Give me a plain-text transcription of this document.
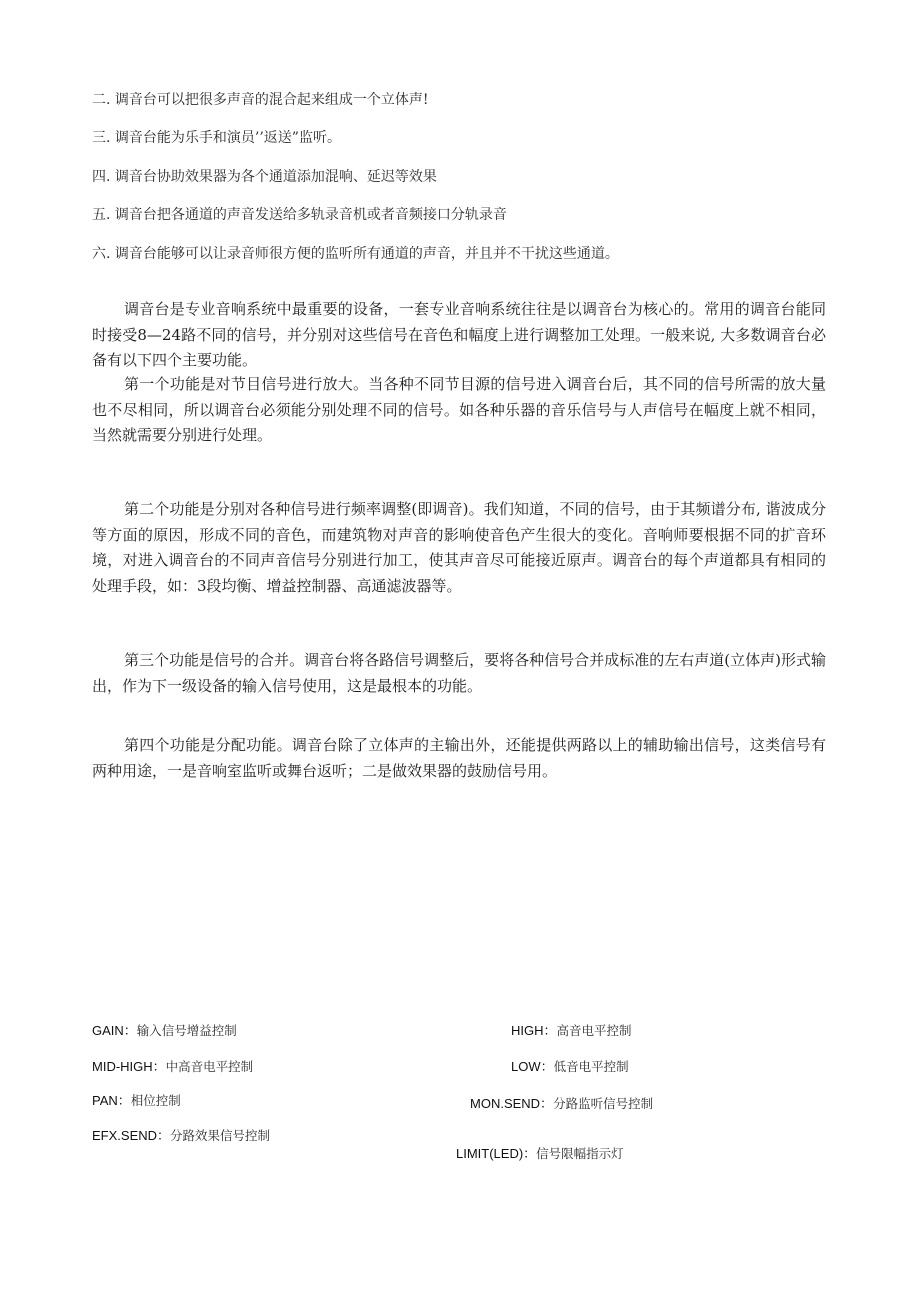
二. 调音台可以把很多声音的混合起来组成一个立体声!
三. 调音台能为乐手和演员’’返送”监听。
四. 调音台协助效果器为各个通道添加混响、延迟等效果
五. 调音台把各通道的声音发送给多轨录音机或者音频接口分轨录音
六. 调音台能够可以让录音师很方便的监听所有通道的声音，并且并不干扰这些通道。

调音台是专业音响系统中最重要的设备，一套专业音响系统往往是以调音台为核心的。常用的调音台能同时接受8—24路不同的信号，并分别对这些信号在音色和幅度上进行调整加工处理。一般来说, 大多数调音台必备有以下四个主要功能。

第一个功能是对节目信号进行放大。当各种不同节目源的信号进入调音台后，其不同的信号所需的放大量也不尽相同，所以调音台必须能分别处理不同的信号。如各种乐器的音乐信号与人声信号在幅度上就不相同，当然就需要分别进行处理。

第二个功能是分别对各种信号进行频率调整(即调音)。我们知道，不同的信号，由于其频谱分布, 谐波成分等方面的原因，形成不同的音色，而建筑物对声音的影响使音色产生很大的变化。音响师要根据不同的扩音环境，对进入调音台的不同声音信号分别进行加工，使其声音尽可能接近原声。调音台的每个声道都具有相同的处理手段，如：3段均衡、增益控制器、高通滤波器等。

第三个功能是信号的合并。调音台将各路信号调整后，要将各种信号合并成标准的左右声道(立体声)形式输出，作为下一级设备的输入信号使用，这是最根本的功能。

第四个功能是分配功能。调音台除了立体声的主输出外，还能提供两路以上的辅助输出信号，这类信号有两种用途，一是音响室监听或舞台返听；二是做效果器的鼓励信号用。

GAIN：输入信号增益控制
MID-HIGH：中高音电平控制
PAN：相位控制
EFX.SEND：分路效果信号控制
HIGH：高音电平控制
LOW：低音电平控制
MON.SEND：分路监听信号控制
LIMIT(LED)：信号限幅指示灯
